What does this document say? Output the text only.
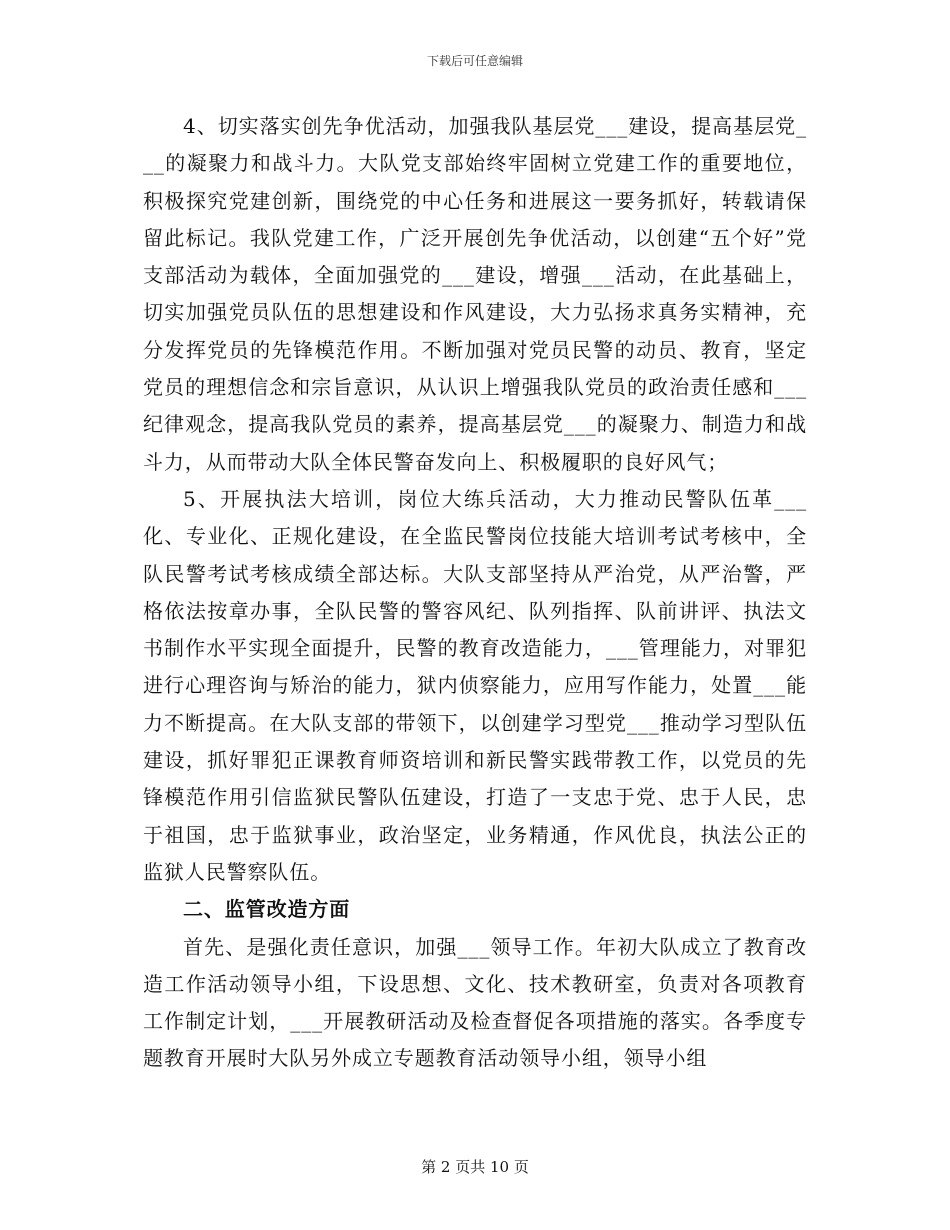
下载后可任意编辑

4、切实落实创先争优活动，加强我队基层党___建设，提高基层党___的凝聚力和战斗力。大队党支部始终牢固树立党建工作的重要地位，积极探究党建创新，围绕党的中心任务和进展这一要务抓好，转载请保留此标记。我队党建工作，广泛开展创先争优活动，以创建“五个好”党支部活动为载体，全面加强党的___建设，增强___活动，在此基础上，切实加强党员队伍的思想建设和作风建设，大力弘扬求真务实精神，充分发挥党员的先锋模范作用。不断加强对党员民警的动员、教育，坚定党员的理想信念和宗旨意识，从认识上增强我队党员的政治责任感和___纪律观念，提高我队党员的素养，提高基层党___的凝聚力、制造力和战斗力，从而带动大队全体民警奋发向上、积极履职的良好风气；

5、开展执法大培训，岗位大练兵活动，大力推动民警队伍革___化、专业化、正规化建设，在全监民警岗位技能大培训考试考核中，全队民警考试考核成绩全部达标。大队支部坚持从严治党，从严治警，严格依法按章办事，全队民警的警容风纪、队列指挥、队前讲评、执法文书制作水平实现全面提升，民警的教育改造能力，___管理能力，对罪犯进行心理咨询与矫治的能力，狱内侦察能力，应用写作能力，处置___能力不断提高。在大队支部的带领下，以创建学习型党___推动学习型队伍建设，抓好罪犯正课教育师资培训和新民警实践带教工作，以党员的先锋模范作用引信监狱民警队伍建设，打造了一支忠于党、忠于人民，忠于祖国，忠于监狱事业，政治坚定，业务精通，作风优良，执法公正的监狱人民警察队伍。

二、监管改造方面

首先、是强化责任意识，加强___领导工作。年初大队成立了教育改造工作活动领导小组，下设思想、文化、技术教研室，负责对各项教育工作制定计划，___开展教研活动及检查督促各项措施的落实。各季度专题教育开展时大队另外成立专题教育活动领导小组，领导小组

第 2 页共 10 页
